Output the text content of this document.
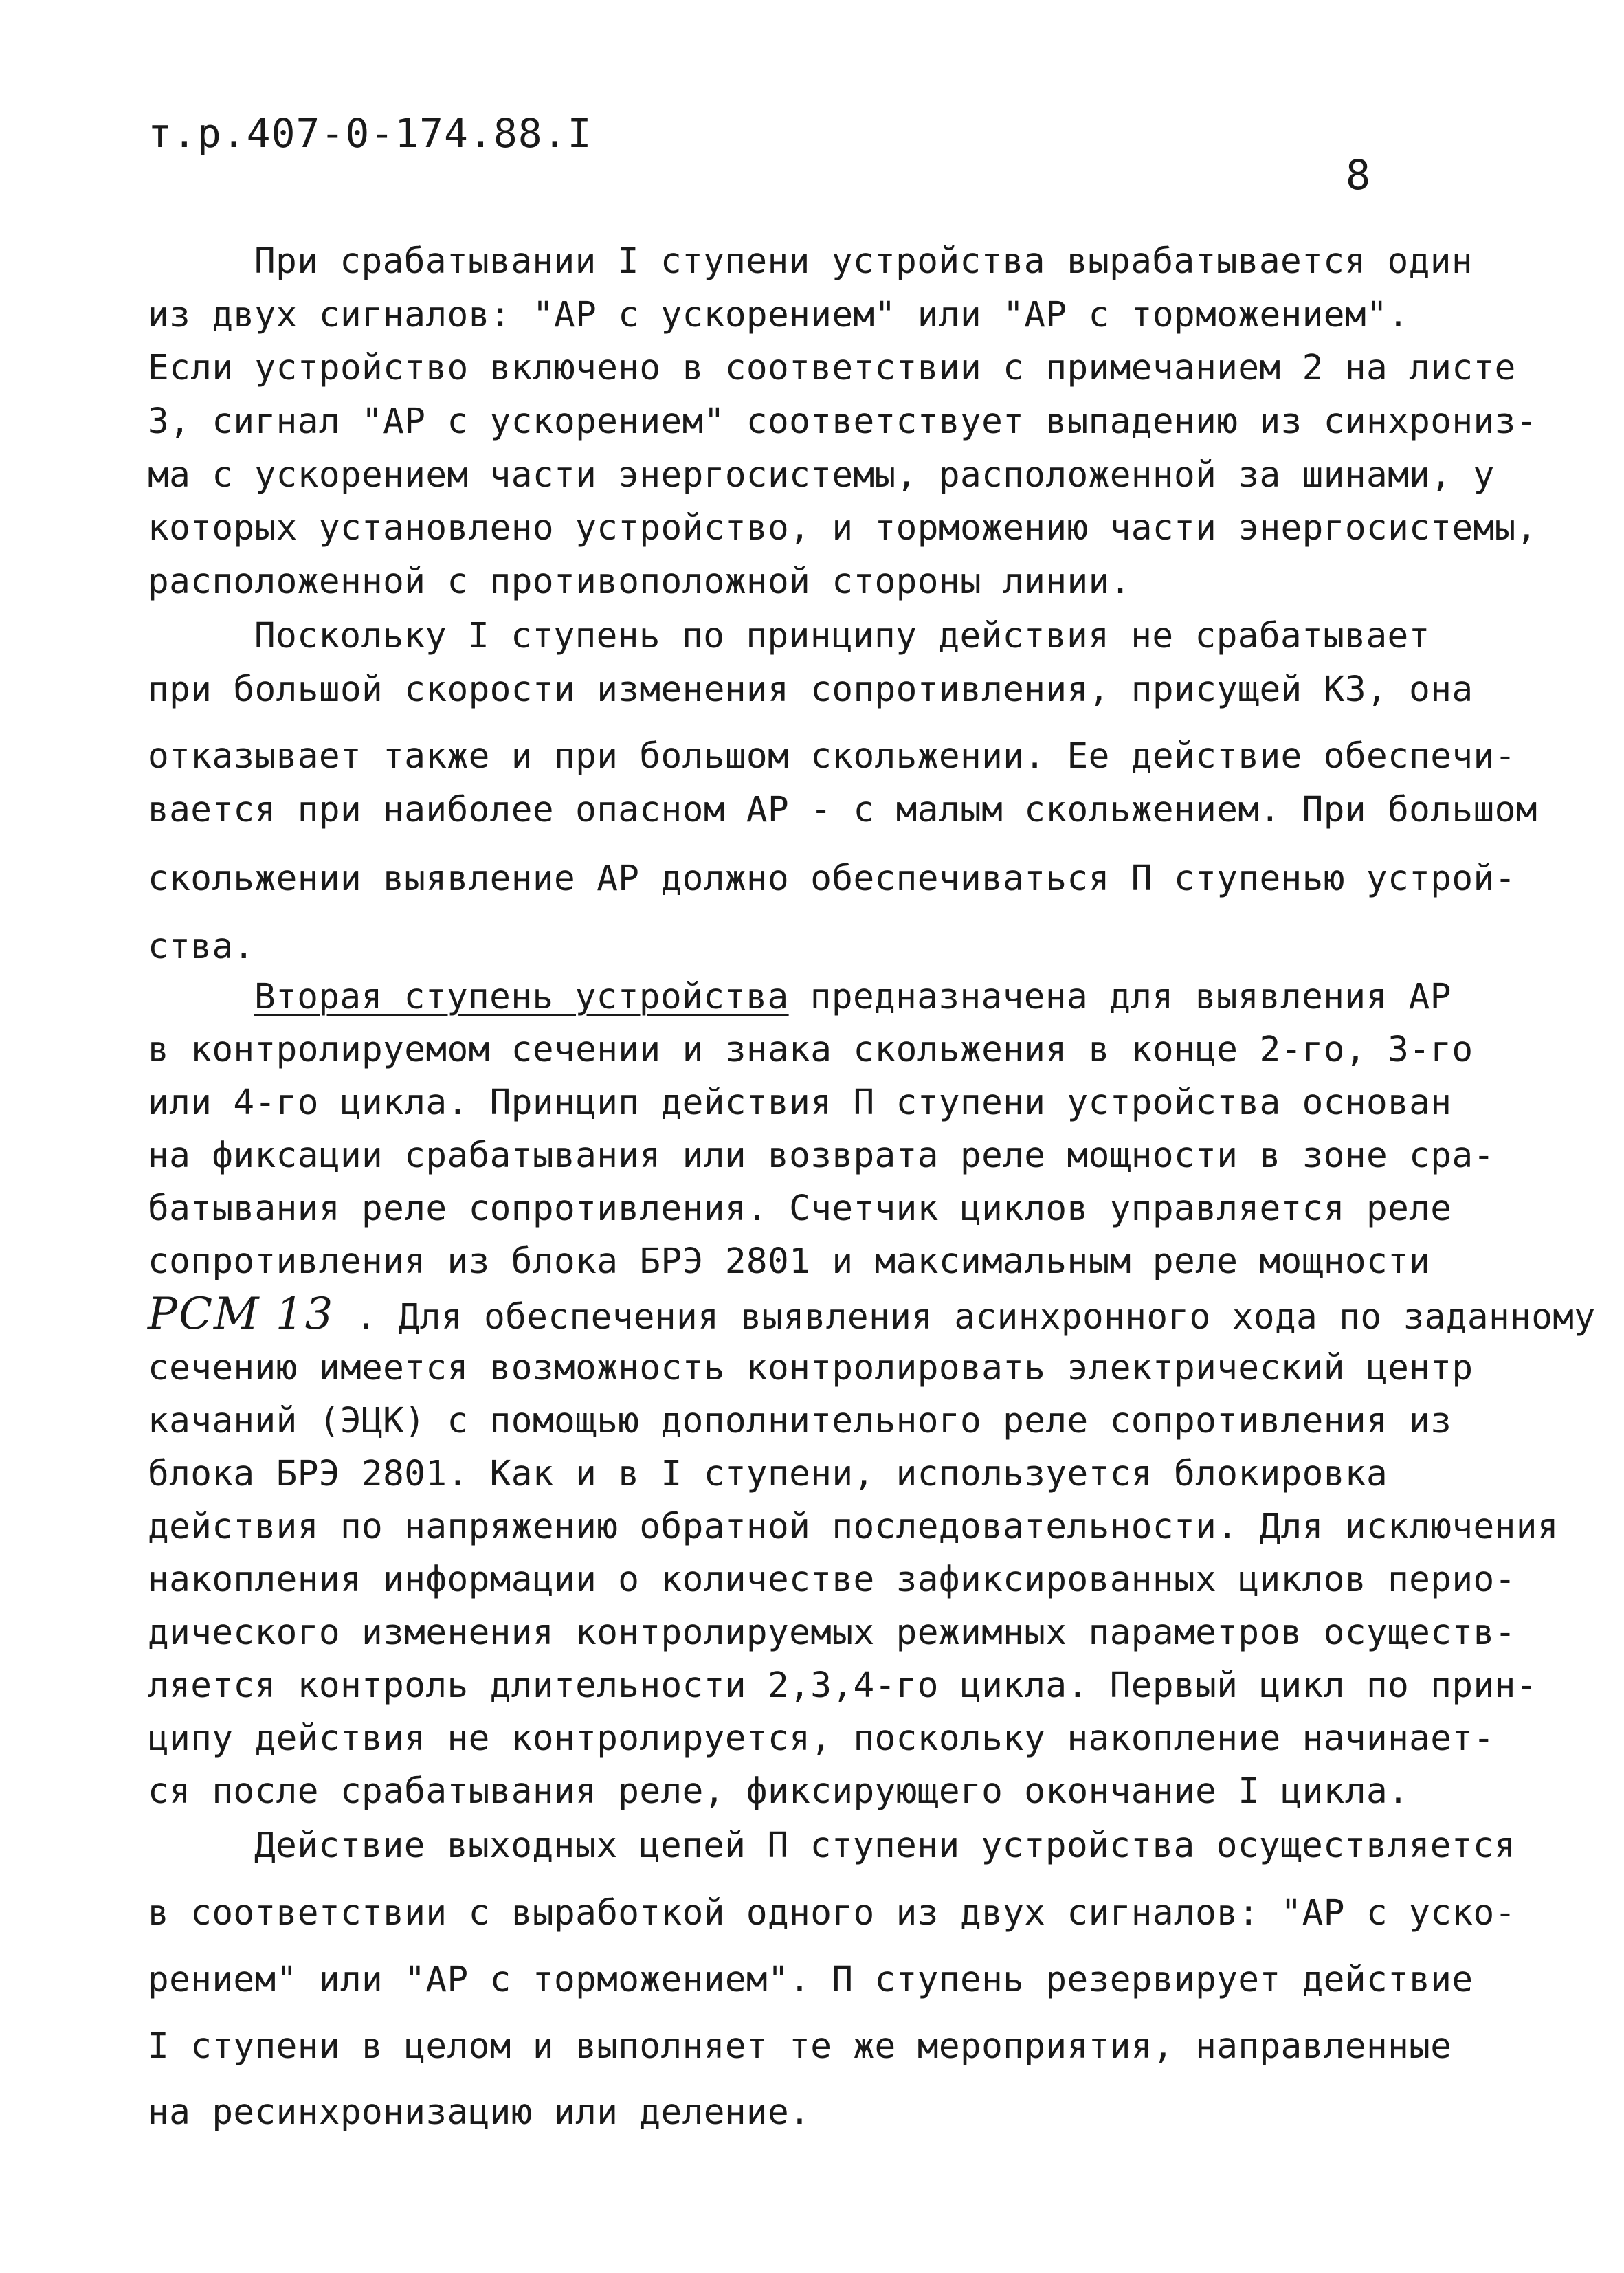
т.р.407-0-174.88.I
8
При срабатывании I ступени устройства вырабатывается один
из двух сигналов: "АР с ускорением" или "АР с торможением".
Если устройство включено в соответствии с примечанием 2 на листе
3, сигнал "АР с ускорением" соответствует выпадению из синхрониз-
ма с ускорением части энергосистемы, расположенной за шинами, у
которых установлено устройство, и торможению части энергосистемы,
расположенной с противоположной стороны линии.
Поскольку I ступень по принципу действия не срабатывает
при большой скорости изменения сопротивления, присущей КЗ, она
отказывает также и при большом скольжении. Ее действие обеспечи-
вается при наиболее опасном АР - с малым скольжением. При большом
скольжении выявление АР должно обеспечиваться П ступенью устрой-
ства.
Вторая ступень устройства предназначена для выявления АР
в контролируемом сечении и знака скольжения в конце 2-го, 3-го
или 4-го цикла. Принцип действия П ступени устройства основан
на фиксации срабатывания или возврата реле мощности в зоне сра-
батывания реле сопротивления. Счетчик циклов управляется реле
сопротивления из блока БРЭ 2801 и максимальным реле мощности
РСМ 13 . Для обеспечения выявления асинхронного хода по заданному
сечению имеется возможность контролировать электрический центр
качаний (ЭЦК) с помощью дополнительного реле сопротивления из
блока БРЭ 2801. Как и в I ступени, используется блокировка
действия по напряжению обратной последовательности. Для исключения
накопления информации о количестве зафиксированных циклов перио-
дического изменения контролируемых режимных параметров осуществ-
ляется контроль длительности 2,3,4-го цикла. Первый цикл по прин-
ципу действия не контролируется, поскольку накопление начинает-
ся после срабатывания реле, фиксирующего окончание I цикла.
Действие выходных цепей П ступени устройства осуществляется
в соответствии с выработкой одного из двух сигналов: "АР с уско-
рением" или "АР с торможением". П ступень резервирует действие
I ступени в целом и выполняет те же мероприятия, направленные
на ресинхронизацию или деление.
